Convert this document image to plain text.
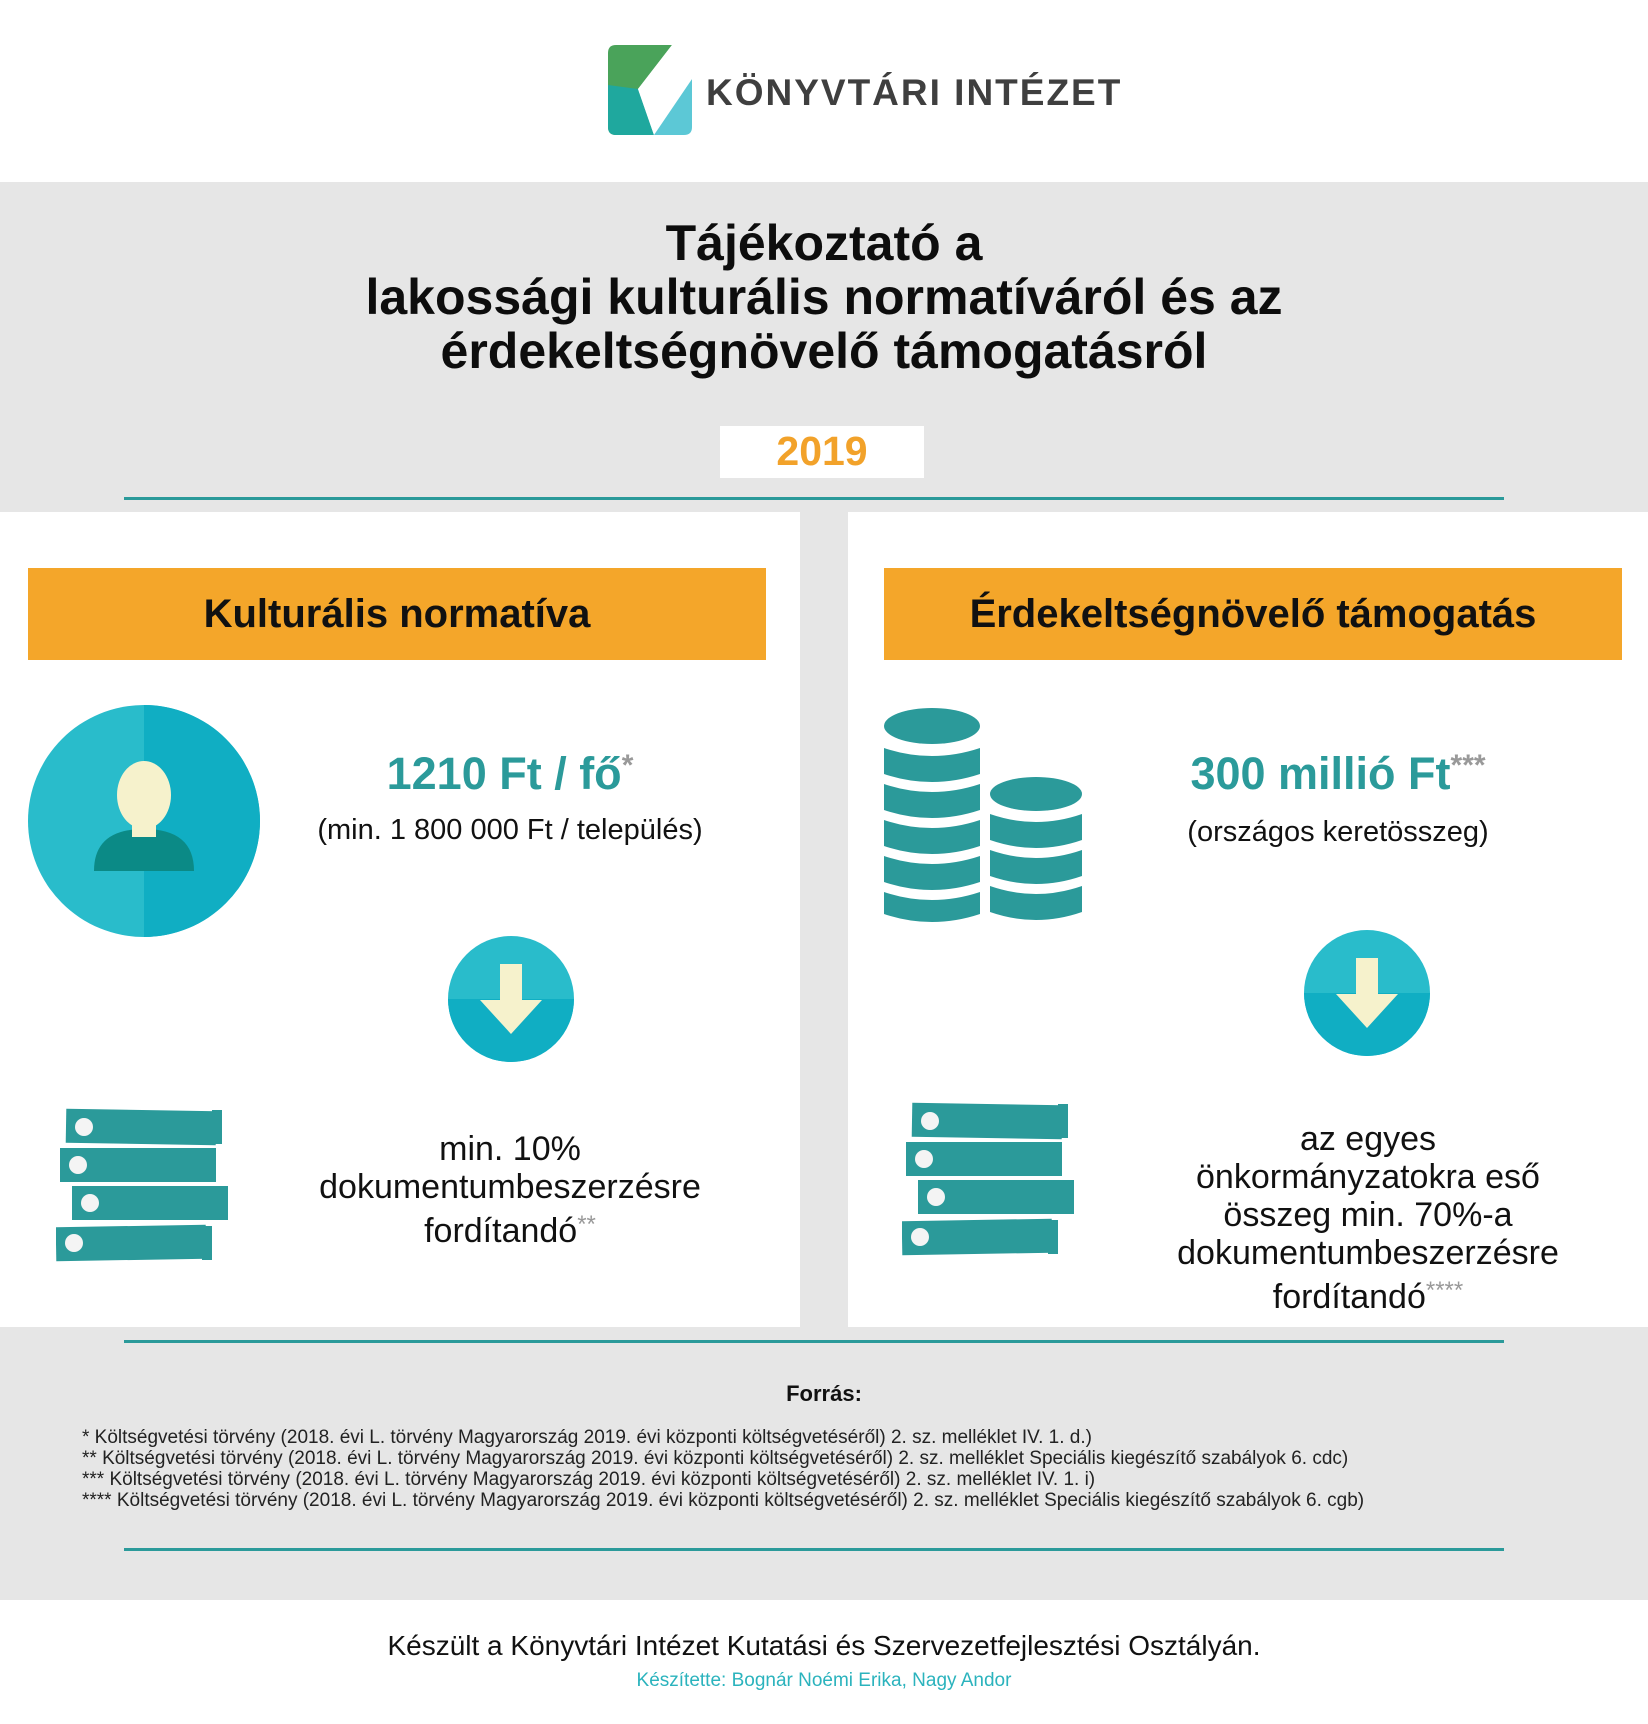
KÖNYVTÁRI INTÉZET
Tájékoztató a
lakossági kulturális normatíváról és az
érdekeltségnövelő támogatásról
2019
Kulturális normatíva
1210 Ft / fő*
(min. 1 800 000 Ft / település)
min. 10%
dokumentumbeszerzésre
fordítandó**
Érdekeltségnövelő támogatás
300 millió Ft***
(országos keretösszeg)
az egyes
önkormányzatokra eső
összeg min. 70%-a
dokumentumbeszerzésre
fordítandó****
Forrás:
* Költségvetési törvény (2018. évi L. törvény Magyarország 2019. évi központi költségvetéséről) 2. sz. melléklet IV. 1. d.)
** Költségvetési törvény (2018. évi L. törvény Magyarország 2019. évi központi költségvetéséről) 2. sz. melléklet Speciális kiegészítő szabályok 6. cdc)
*** Költségvetési törvény (2018. évi L. törvény Magyarország 2019. évi központi költségvetéséről) 2. sz. melléklet IV. 1. i)
**** Költségvetési törvény (2018. évi L. törvény Magyarország 2019. évi központi költségvetéséről) 2. sz. melléklet Speciális kiegészítő szabályok 6. cgb)
Készült a Könyvtári Intézet Kutatási és Szervezetfejlesztési Osztályán.
Készítette: Bognár Noémi Erika, Nagy Andor
